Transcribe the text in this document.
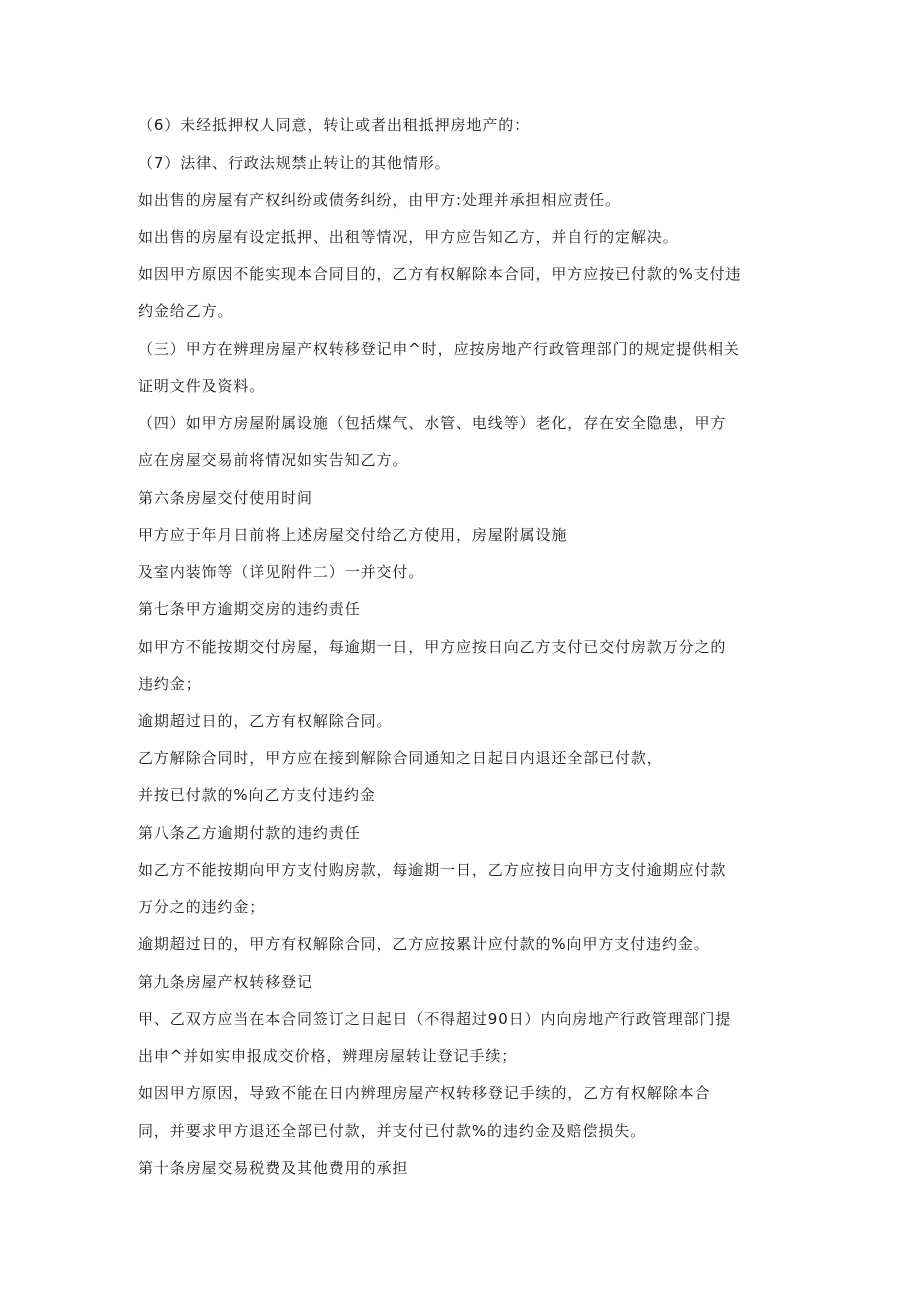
（6）未经抵押权人同意，转让或者出租抵押房地产的：

（7）法律、行政法规禁止转让的其他情形。

如出售的房屋有产权纠纷或债务纠纷，由甲方:处理并承担相应责任。

如出售的房屋有设定抵押、出租等情况，甲方应告知乙方，并自行的定解决。

如因甲方原因不能实现本合同目的，乙方有权解除本合同，甲方应按已付款的%支付违

约金给乙方。

（三）甲方在辨理房屋产权转移登记申^时，应按房地产行政管理部门的规定提供相关

证明文件及资料。

（四）如甲方房屋附属设施（包括煤气、水管、电线等）老化，存在安全隐患，甲方

应在房屋交易前将情况如实告知乙方。

第六条房屋交付使用时间

甲方应于年月日前将上述房屋交付给乙方使用，房屋附属设施

及室内装饰等（详见附件二）一并交付。

第七条甲方逾期交房的违约责任

如甲方不能按期交付房屋，每逾期一日，甲方应按日向乙方支付已交付房款万分之的

违约金；

逾期超过日的，乙方有权解除合同。

乙方解除合同时，甲方应在接到解除合同通知之日起日内退还全部已付款，

并按已付款的%向乙方支付违约金

第八条乙方逾期付款的违约责任

如乙方不能按期向甲方支付购房款，每逾期一日，乙方应按日向甲方支付逾期应付款

万分之的违约金；

逾期超过日的，甲方有权解除合同，乙方应按累计应付款的%向甲方支付违约金。

第九条房屋产权转移登记

甲、乙双方应当在本合同签订之日起日（不得超过90日）内向房地产行政管理部门提

出申^并如实申报成交价格，辨理房屋转让登记手续；

如因甲方原因，导致不能在日内辨理房屋产权转移登记手续的，乙方有权解除本合

同，并要求甲方退还全部已付款，并支付已付款%的违约金及赔偿损失。

第十条房屋交易税费及其他费用的承担
